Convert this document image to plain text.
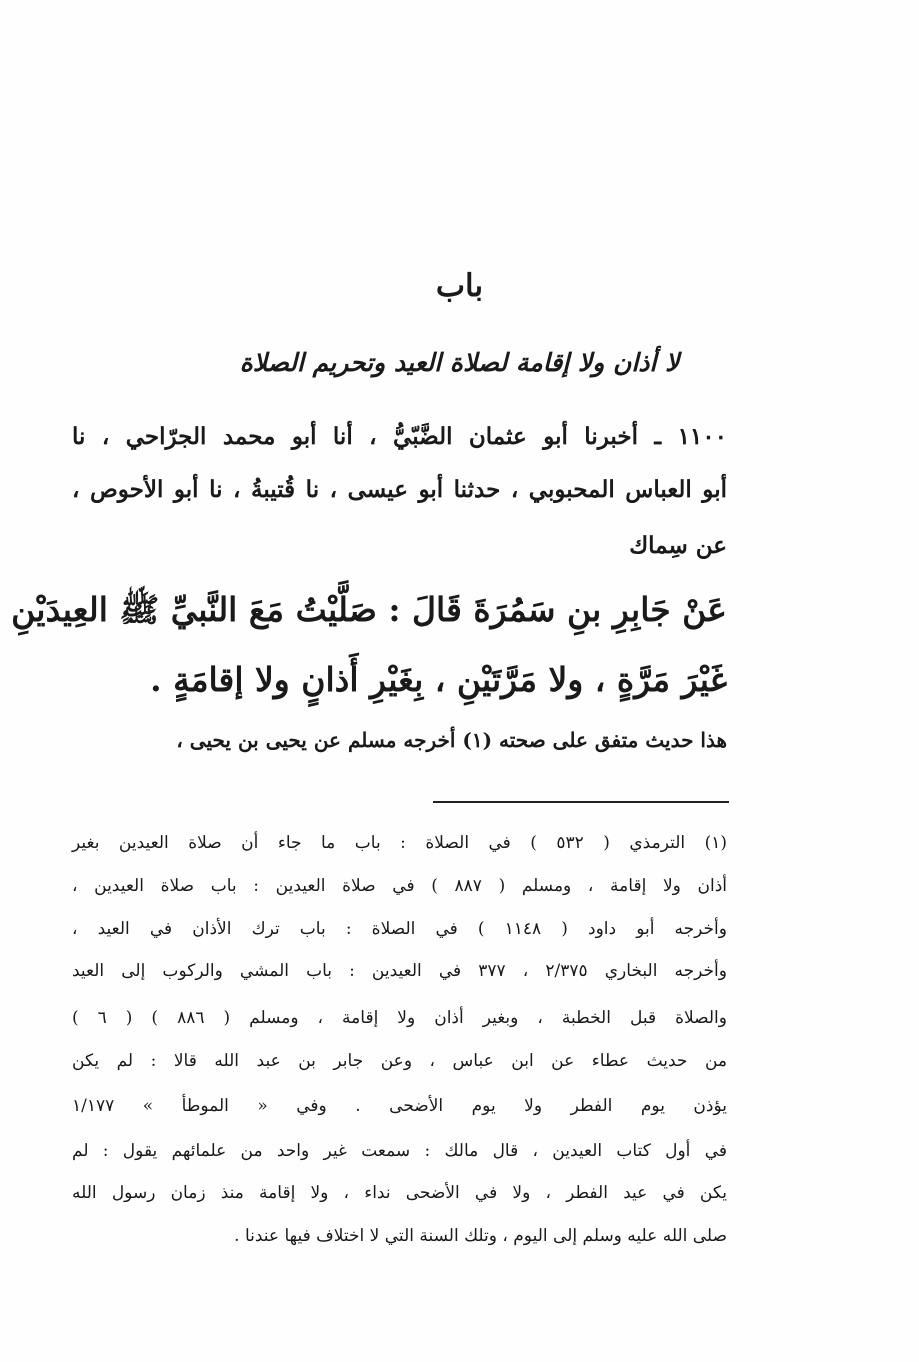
باب
لا أذان ولا إقامة لصلاة العيد وتحريم الصلاة
١١٠٠ ـ أخبرنا أبو عثمان الضَّبّيُّ ، أنا أبو محمد الجرّاحي ، نا
أبو العباس المحبوبي ، حدثنا أبو عيسى ، نا قُتيبةُ ، نا أبو الأحوص ،
عن سِماك
عَنْ جَابِرِ بنِ سَمُرَةَ قَالَ : صَلَّيْتُ مَعَ النَّبيِّ ﷺ العِيدَيْنِ
غَيْرَ مَرَّةٍ ، ولا مَرَّتَيْنِ ، بِغَيْرِ أَذانٍ ولا إقامَةٍ .
هذا حديث متفق على صحته (١) أخرجه مسلم عن يحيى بن يحيى ،
(١) الترمذي ( ٥٣٢ ) في الصلاة : باب ما جاء أن صلاة العيدين بغير
أذان ولا إقامة ، ومسلم ( ٨٨٧ ) في صلاة العيدين : باب صلاة العيدين ،
وأخرجه أبو داود ( ١١٤٨ ) في الصلاة : باب ترك الأذان في العيد ،
وأخرجه البخاري ٢/٣٧٥ ، ٣٧٧ في العيدين : باب المشي والركوب إلى العيد
والصلاة قبل الخطبة ، وبغير أذان ولا إقامة ، ومسلم ( ٨٨٦ ) ( ٦ )
من حديث عطاء عن ابن عباس ، وعن جابر بن عبد الله قالا : لم يكن
يؤذن يوم الفطر ولا يوم الأضحى . وفي « الموطأ » ١/١٧٧
في أول كتاب العيدين ، قال مالك : سمعت غير واحد من علمائهم يقول : لم
يكن في عيد الفطر ، ولا في الأضحى نداء ، ولا إقامة منذ زمان رسول الله
صلى الله عليه وسلم إلى اليوم ، وتلك السنة التي لا اختلاف فيها عندنا .
